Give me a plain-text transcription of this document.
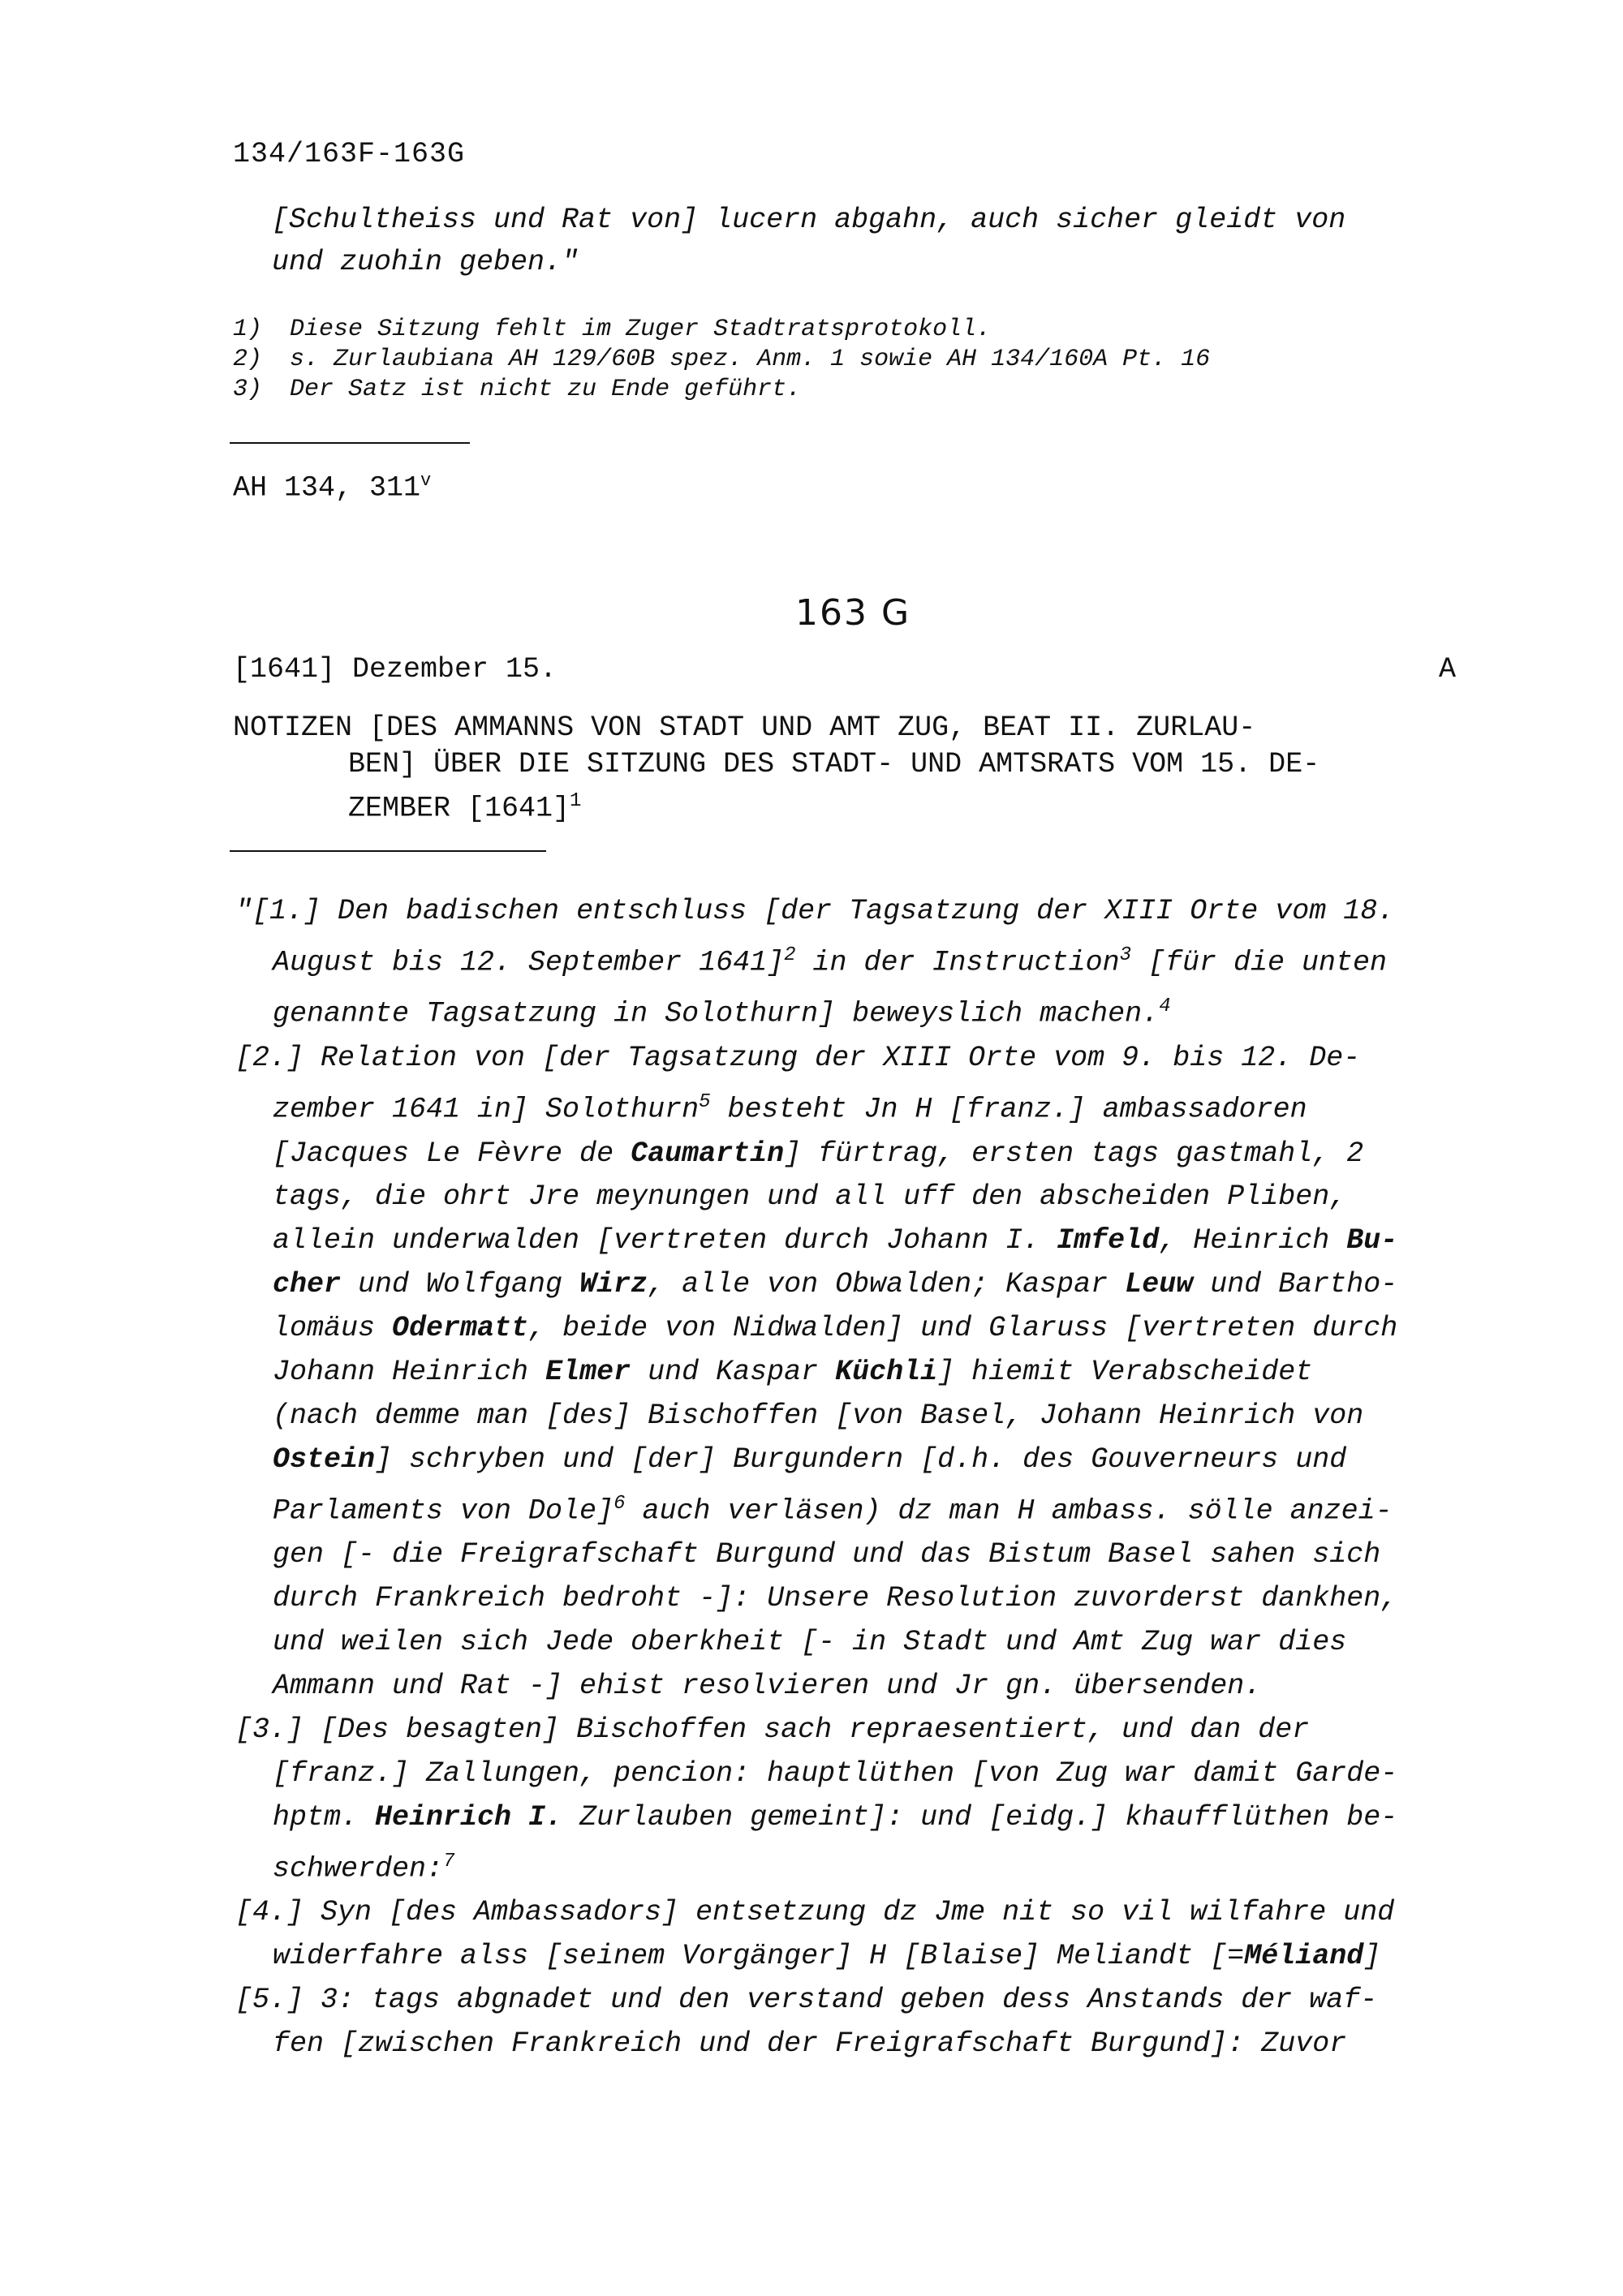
134/163F-163G
[Schultheiss und Rat von] lucern abgahn, auch sicher gleidt von
und zuohin geben."
1) Diese Sitzung fehlt im Zuger Stadtratsprotokoll.
2) s. Zurlaubiana AH 129/60B spez. Anm. 1 sowie AH 134/160A Pt. 16
3) Der Satz ist nicht zu Ende geführt.
AH 134, 311$^v$
163 G
[1641] Dezember 15.	A
NOTIZEN [DES AMMANNS VON STADT UND AMT ZUG, BEAT II. ZURLAU-
BEN] ÜBER DIE SITZUNG DES STADT- UND AMTSRATS VOM 15. DE-
ZEMBER $[1641]^1$
"[1.] Den badischen entschluss [der Tagsatzung der XIII Orte vom 18.
August bis 12. September 1641]$^2$ in der Instruction$^3$ [für die unten
genannte Tagsatzung in Solothurn] beweyslich machen.$^4$
[2.] Relation von [der Tagsatzung der XIII Orte vom 9. bis 12. De-
zember 1641 in] Solothurn$^5$ besteht Jn H [franz.] ambassadoren
[Jacques Le Fèvre de Caumartin] fürtrag, ersten tags gastmahl, 2
tags, die ohrt Jre meynungen und all uff den abscheiden Pliben,
allein underwalden [vertreten durch Johann I. Imfeld, Heinrich Bu-
cher und Wolfgang Wirz, alle von Obwalden; Kaspar Leuw und Bartho-
lomäus Odermatt, beide von Nidwalden] und Glaruss [vertreten durch
Johann Heinrich Elmer und Kaspar Küchli] hiemit Verabscheidet
(nach demme man [des] Bischoffen [von Basel, Johann Heinrich von
Ostein] schryben und [der] Burgundern [d.h. des Gouverneurs und
Parlaments von Dole]$^6$ auch verläsen) dz man H ambass. sölle anzei-
gen [- die Freigrafschaft Burgund und das Bistum Basel sahen sich
durch Frankreich bedroht -]: Unsere Resolution zuvorderst dankhen,
und weilen sich Jede oberkheit [- in Stadt und Amt Zug war dies
Ammann und Rat -] ehist resolvieren und Jr gn. übersenden.
[3.] [Des besagten] Bischoffen sach repraesentiert, und dan der
[franz.] Zallungen, pencion: hauptlüthen [von Zug war damit Garde-
hptm. Heinrich I. Zurlauben gemeint]: und [eidg.] khaufflüthen be-
schwerden:$^7$
[4.] Syn [des Ambassadors] entsetzung dz Jme nit so vil wilfahre und
widerfahre alss [seinem Vorgänger] H [Blaise] Meliandt [=Méliand]
[5.] 3: tags abgnadet und den verstand geben dess Anstands der waf-
fen [zwischen Frankreich und der Freigrafschaft Burgund]: Zuvor
